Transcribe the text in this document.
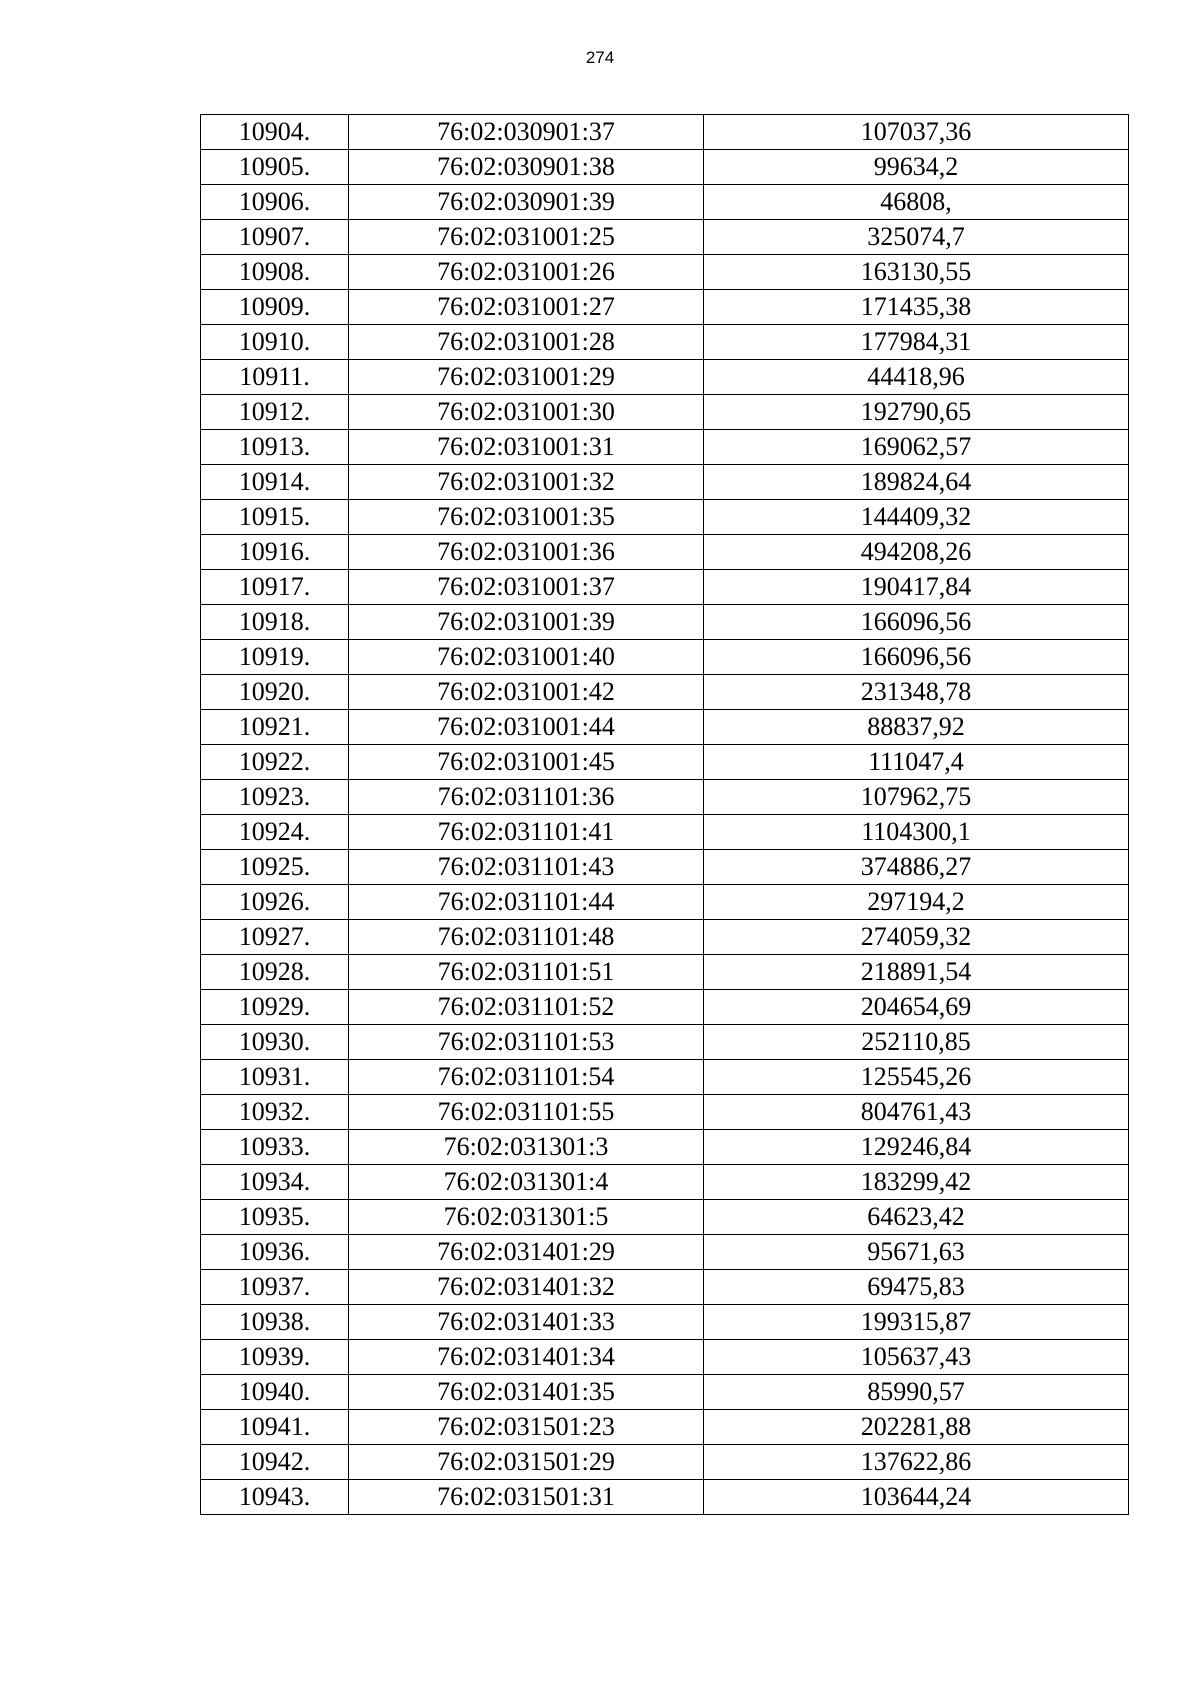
274
10904.	76:02:030901:37	107037,36
10905.	76:02:030901:38	99634,2
10906.	76:02:030901:39	46808,
10907.	76:02:031001:25	325074,7
10908.	76:02:031001:26	163130,55
10909.	76:02:031001:27	171435,38
10910.	76:02:031001:28	177984,31
10911.	76:02:031001:29	44418,96
10912.	76:02:031001:30	192790,65
10913.	76:02:031001:31	169062,57
10914.	76:02:031001:32	189824,64
10915.	76:02:031001:35	144409,32
10916.	76:02:031001:36	494208,26
10917.	76:02:031001:37	190417,84
10918.	76:02:031001:39	166096,56
10919.	76:02:031001:40	166096,56
10920.	76:02:031001:42	231348,78
10921.	76:02:031001:44	88837,92
10922.	76:02:031001:45	111047,4
10923.	76:02:031101:36	107962,75
10924.	76:02:031101:41	1104300,1
10925.	76:02:031101:43	374886,27
10926.	76:02:031101:44	297194,2
10927.	76:02:031101:48	274059,32
10928.	76:02:031101:51	218891,54
10929.	76:02:031101:52	204654,69
10930.	76:02:031101:53	252110,85
10931.	76:02:031101:54	125545,26
10932.	76:02:031101:55	804761,43
10933.	76:02:031301:3	129246,84
10934.	76:02:031301:4	183299,42
10935.	76:02:031301:5	64623,42
10936.	76:02:031401:29	95671,63
10937.	76:02:031401:32	69475,83
10938.	76:02:031401:33	199315,87
10939.	76:02:031401:34	105637,43
10940.	76:02:031401:35	85990,57
10941.	76:02:031501:23	202281,88
10942.	76:02:031501:29	137622,86
10943.	76:02:031501:31	103644,24
